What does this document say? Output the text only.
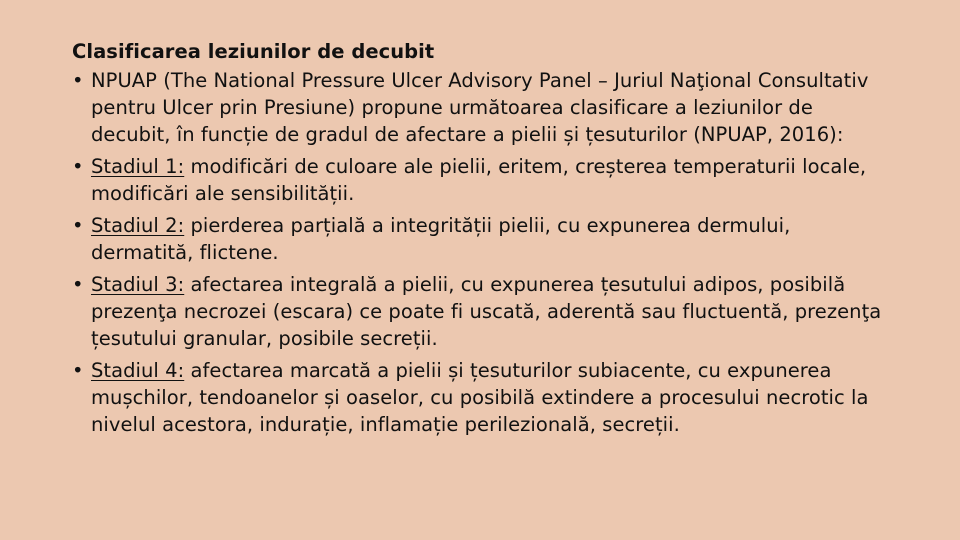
Clasificarea leziunilor de decubit
• NPUAP (The National Pressure Ulcer Advisory Panel – Juriul Naţional Consultativ pentru Ulcer prin Presiune) propune următoarea clasificare a leziunilor de decubit, în funcție de gradul de afectare a pielii și țesuturilor (NPUAP, 2016):
• Stadiul 1: modificări de culoare ale pielii, eritem, creșterea temperaturii locale, modificări ale sensibilității.
• Stadiul 2: pierderea parțială a integrității pielii, cu expunerea dermului, dermatită, flictene.
• Stadiul 3: afectarea integrală a pielii, cu expunerea țesutului adipos, posibilă prezenţa necrozei (escara) ce poate fi uscată, aderentă sau fluctuentă, prezenţa țesutului granular, posibile secreții.
• Stadiul 4: afectarea marcată a pielii și țesuturilor subiacente, cu expunerea mușchilor, tendoanelor și oaselor, cu posibilă extindere a procesului necrotic la nivelul acestora, indurație, inflamație perilezională, secreții.
